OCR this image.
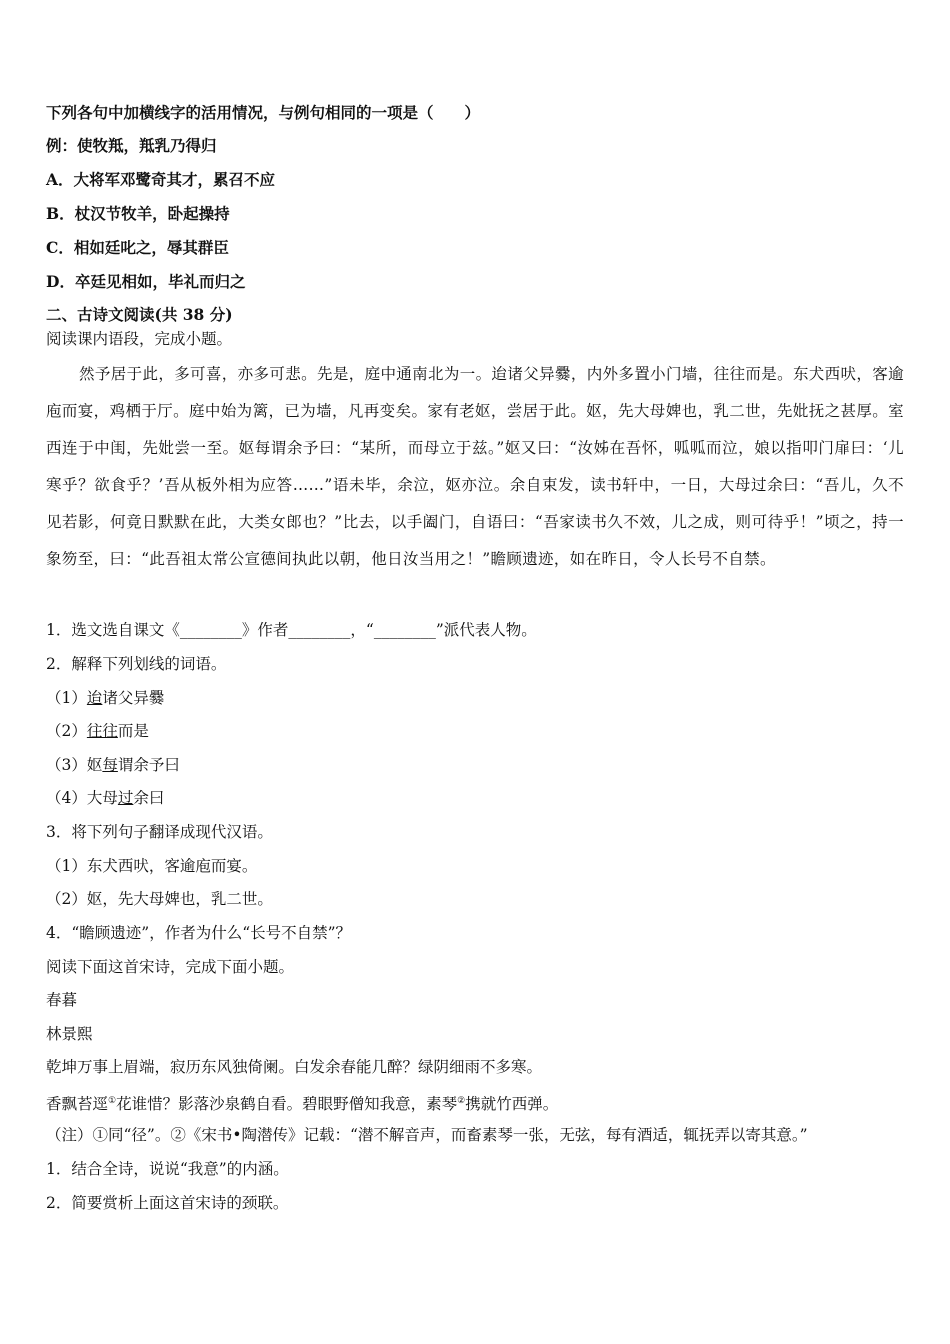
下列各句中加横线字的活用情况，与例句相同的一项是（　　）

例：使牧羝，羝乳乃得归

A．大将军邓鹭奇其才，累召不应

B．杖汉节牧羊，卧起操持

C．相如廷叱之，辱其群臣

D．卒廷见相如，毕礼而归之

二、古诗文阅读(共 38 分)

阅读课内语段，完成小题。

然予居于此，多可喜，亦多可悲。先是，庭中通南北为一。迨诸父异爨，内外多置小门墙，往往而是。东犬西吠，客逾庖而宴，鸡栖于厅。庭中始为篱，已为墙，凡再变矣。家有老妪，尝居于此。妪，先大母婢也，乳二世，先妣抚之甚厚。室西连于中闺，先妣尝一至。妪每谓余予曰：“某所，而母立于兹。”妪又曰：“汝姊在吾怀，呱呱而泣，娘以指叩门扉曰：‘儿寒乎？欲食乎？’吾从板外相为应答……”语未毕，余泣，妪亦泣。余自束发，读书轩中，一日，大母过余曰：“吾儿，久不见若影，何竟日默默在此，大类女郎也？”比去，以手阖门，自语曰：“吾家读书久不效，儿之成，则可待乎！”顷之，持一象笏至，曰：“此吾祖太常公宣德间执此以朝，他日汝当用之！”瞻顾遗迹，如在昨日，令人长号不自禁。

1．选文选自课文《________》作者________，“________”派代表人物。

2．解释下列划线的词语。

（1）迨诸父异爨

（2）往往而是

（3）妪每谓余予曰

（4）大母过余曰

3．将下列句子翻译成现代汉语。

（1）东犬西吠，客逾庖而宴。

（2）妪，先大母婢也，乳二世。

4．“瞻顾遗迹”，作者为什么“长号不自禁”？

阅读下面这首宋诗，完成下面小题。

春暮

林景熙

乾坤万事上眉端，寂历东风独倚阑。白发余春能几醉？绿阴细雨不多寒。

香飘苔逕①花谁惜？影落沙泉鹤自看。碧眼野僧知我意，素琴②携就竹西弹。

（注）①同“径”。②《宋书•陶潜传》记载：“潜不解音声，而畜素琴一张，无弦，每有酒适，辄抚弄以寄其意。”

1．结合全诗，说说“我意”的内涵。

2．简要赏析上面这首宋诗的颈联。
